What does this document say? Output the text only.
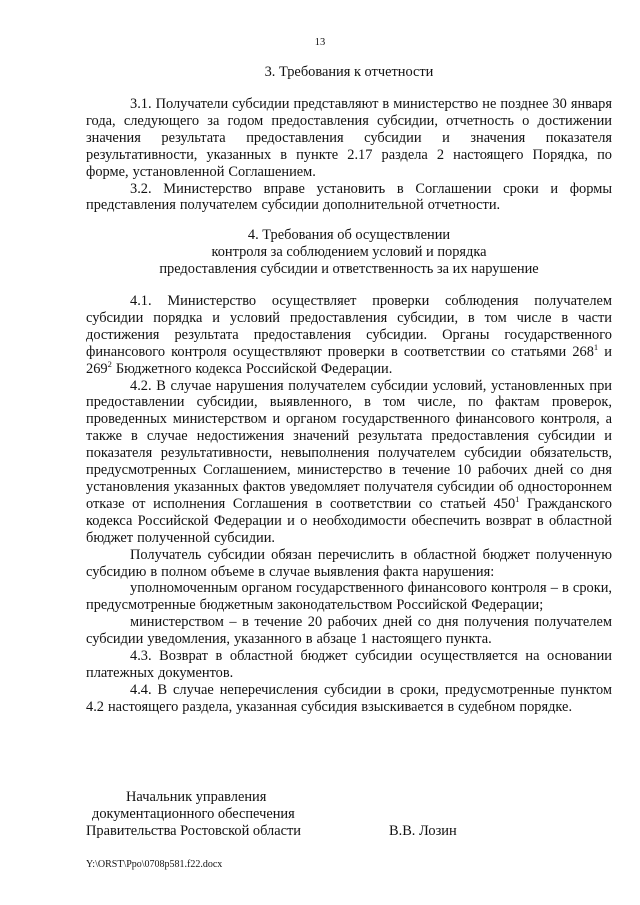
13
3. Требования к отчетности

3.1. Получатели субсидии представляют в министерство не позднее 30 января года, следующего за годом предоставления субсидии, отчетность о достижении значения результата предоставления субсидии и значения показателя результативности, указанных в пункте 2.17 раздела 2 настоящего Порядка, по форме, установленной Соглашением.

3.2. Министерство вправе установить в Соглашении сроки и формы представления получателем субсидии дополнительной отчетности.

4. Требования об осуществлении
контроля за соблюдением условий и порядка
предоставления субсидии и ответственность за их нарушение

4.1. Министерство осуществляет проверки соблюдения получателем субсидии порядка и условий предоставления субсидии, в том числе в части достижения результата предоставления субсидии. Органы государственного финансового контроля осуществляют проверки в соответствии со статьями $268^1$ и $269^2$ Бюджетного кодекса Российской Федерации.

4.2. В случае нарушения получателем субсидии условий, установленных при предоставлении субсидии, выявленного, в том числе, по фактам проверок, проведенных министерством и органом государственного финансового контроля, а также в случае недостижения значений результата предоставления субсидии и показателя результативности, невыполнения получателем субсидии обязательств, предусмотренных Соглашением, министерство в течение 10 рабочих дней со дня установления указанных фактов уведомляет получателя субсидии об одностороннем отказе от исполнения Соглашения в соответствии со статьей $450^1$ Гражданского кодекса Российской Федерации и о необходимости обеспечить возврат в областной бюджет полученной субсидии.

Получатель субсидии обязан перечислить в областной бюджет полученную субсидию в полном объеме в случае выявления факта нарушения:

уполномоченным органом государственного финансового контроля – в сроки, предусмотренные бюджетным законодательством Российской Федерации;

министерством – в течение 20 рабочих дней со дня получения получателем субсидии уведомления, указанного в абзаце 1 настоящего пункта.

4.3. Возврат в областной бюджет субсидии осуществляется на основании платежных документов.

4.4. В случае неперечисления субсидии в сроки, предусмотренные пунктом 4.2 настоящего раздела, указанная субсидия взыскивается в судебном порядке.

Начальник управления
документационного обеспечения
Правительства Ростовской области	В.В. Лозин
Y:\ORST\Ppo\0708p581.f22.docx
